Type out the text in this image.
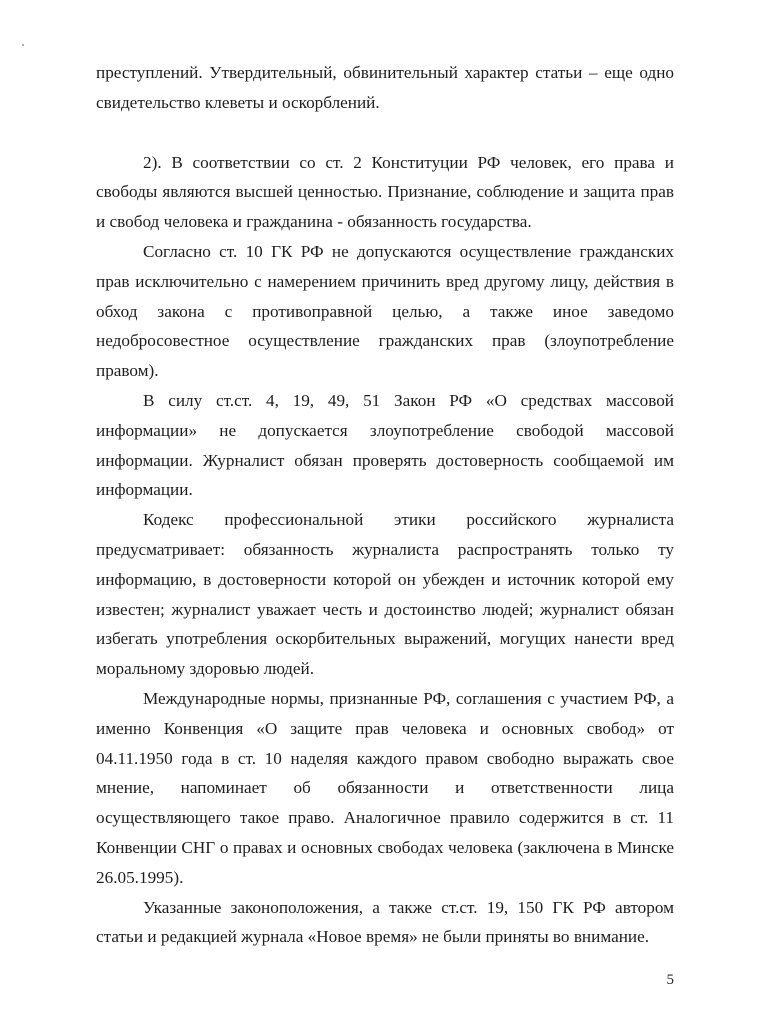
преступлений. Утвердительный, обвинительный характер статьи – еще одно свидетельство клеветы и оскорблений.

2). В соответствии со ст. 2 Конституции РФ человек, его права и свободы являются высшей ценностью. Признание, соблюдение и защита прав и свобод человека и гражданина - обязанность государства.

Согласно ст. 10 ГК РФ не допускаются осуществление гражданских прав исключительно с намерением причинить вред другому лицу, действия в обход закона с противоправной целью, а также иное заведомо недобросовестное осуществление гражданских прав (злоупотребление правом).

В силу ст.ст. 4, 19, 49, 51 Закон РФ «О средствах массовой информации» не допускается злоупотребление свободой массовой информации. Журналист обязан проверять достоверность сообщаемой им информации.

Кодекс профессиональной этики российского журналиста предусматривает: обязанность журналиста распространять только ту информацию, в достоверности которой он убежден и источник которой ему известен; журналист уважает честь и достоинство людей; журналист обязан избегать употребления оскорбительных выражений, могущих нанести вред моральному здоровью людей.

Международные нормы, признанные РФ, соглашения с участием РФ, а именно Конвенция «О защите прав человека и основных свобод» от 04.11.1950 года в ст. 10 наделяя каждого правом свободно выражать свое мнение, напоминает об обязанности и ответственности лица осуществляющего такое право. Аналогичное правило содержится в ст. 11 Конвенции СНГ о правах и основных свободах человека (заключена в Минске 26.05.1995).

Указанные законоположения, а также ст.ст. 19, 150 ГК РФ автором статьи и редакцией журнала «Новое время» не были приняты во внимание.

5
